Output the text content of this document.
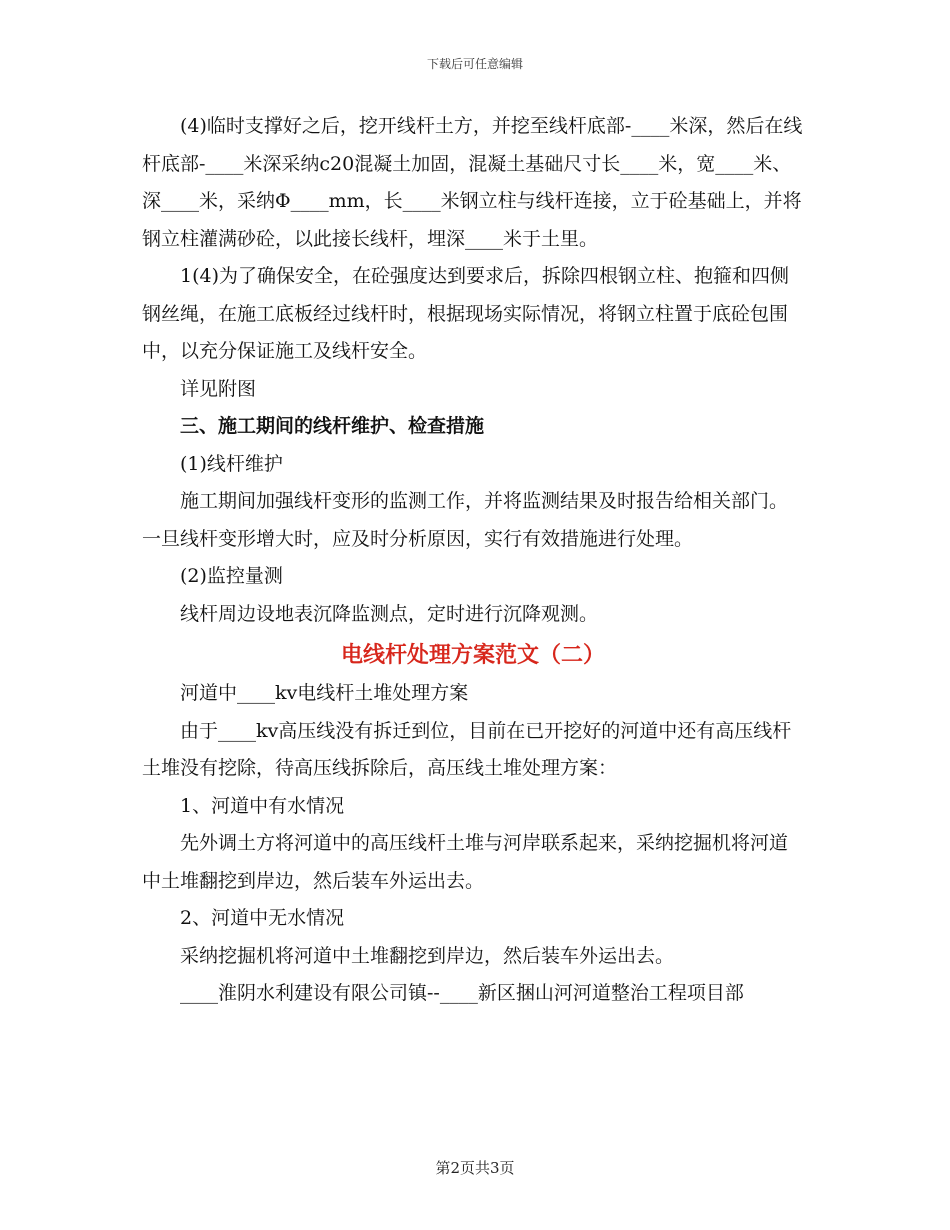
下载后可任意编辑

(4)临时支撑好之后，挖开线杆土方，并挖至线杆底部-____米深，然后在线杆底部-____米深采纳c20混凝土加固，混凝土基础尺寸长____米，宽____米、深____米，采纳Φ____mm，长____米钢立柱与线杆连接，立于砼基础上，并将钢立柱灌满砂砼，以此接长线杆，埋深____米于土里。

1(4)为了确保安全，在砼强度达到要求后，拆除四根钢立柱、抱箍和四侧钢丝绳，在施工底板经过线杆时，根据现场实际情况，将钢立柱置于底砼包围中，以充分保证施工及线杆安全。

详见附图

三、施工期间的线杆维护、检查措施

(1)线杆维护

施工期间加强线杆变形的监测工作，并将监测结果及时报告给相关部门。一旦线杆变形增大时，应及时分析原因，实行有效措施进行处理。

(2)监控量测

线杆周边设地表沉降监测点，定时进行沉降观测。

电线杆处理方案范文（二）

河道中____kv电线杆土堆处理方案

由于____kv高压线没有拆迁到位，目前在已开挖好的河道中还有高压线杆土堆没有挖除，待高压线拆除后，高压线土堆处理方案：

1、河道中有水情况

先外调土方将河道中的高压线杆土堆与河岸联系起来，采纳挖掘机将河道中土堆翻挖到岸边，然后装车外运出去。

2、河道中无水情况

采纳挖掘机将河道中土堆翻挖到岸边，然后装车外运出去。

____淮阴水利建设有限公司镇--____新区捆山河河道整治工程项目部

第2页共3页
